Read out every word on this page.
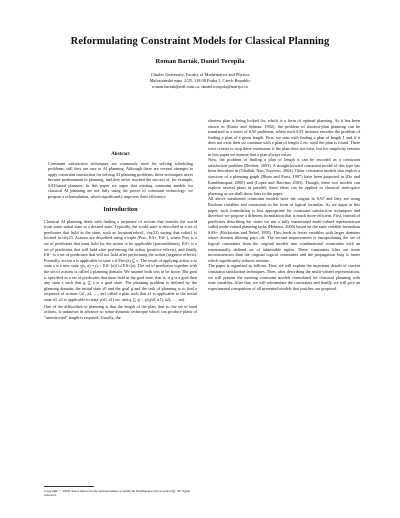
Reformulating Constraint Models for Classical Planning
Roman Barták, Daniel Toropila
Charles University, Faculty of Mathematics and Physics
Malostranské nám. 2/25, 118 00 Praha 1, Czech Republic
roman.bartak@mff.cuni.cz, daniel.toropila@matfyz.cz
Abstract
Constraint satisfaction techniques are commonly used for solving scheduling problems, still they are rare in AI planning. Although there are several attempts to apply constraint satisfaction for solving AI planning problems, these techniques never became predominant in planning; and they never reached the success of, for example, SAT-based planners. In this paper we argue that existing constraint models for classical AI planning are not fully using the power of constraint technology; we propose a reformulation, which significantly improves their efficiency.
Introduction
Classical AI planning deals with finding a sequence of actions that transfer the world from some initial state to a desired state. Typically, the world state is described as a set of predicates that hold in the state, such as location(robot1, city23) saying that robot1 is located in city23. Actions are described using a triple (Prec, Eff+, Eff−), where Prec is a set of predicates that must hold for the action to be applicable (preconditions), Eff+ is a set of predicates that will hold after performing the action (positive effects), and finally Eff− is a set of predicates that will not hold after performing the action (negative effects). Formally, action a is applicable to state s if Prec(a) ⊆ s. The result of applying action a to state s is a new state γ(s, a) = (s − Eff−(a)) ∪ Eff+(a). The set of predicates together with the set of actions is called a planning domain. We assume both sets to be finite. The goal is specified as a set of predicates that must hold in the goal state, that is, if g is a goal then any state s such that g ⊆ s is a goal state. The planning problem is defined by the planning domain, the initial state s0 and the goal g and the task of planning is to find a sequence of actions ⟨a1, a2, …, an⟩ called a plan such that a1 is applicable to the initial state s0, a2 is applicable to state γ(s0, a1) etc. and g ⊆ γ(…γ(γ(s0, a1), a2), …, an).
One of the difficulties of planning is that the length of the plan, that is, the set of used actions, is unknown in advance so some dynamic technique which can produce plans of "unrestricted" length is required. Usually, the
shortest plan is being looked for, which is a form of optimal planning. As it has been shown in (Kautz and Selman, 1992), the problem of shortest-plan planning can be translated to a series of SAT problems, where each SAT instance encodes the problem of finding a plan of a given length. First, we start with finding a plan of length 1 and if it does not exist then we continue with a plan of length 2 etc. until the plan is found. There exist criteria to stop these extensions if the plan does not exist, but for simplicity reasons in this paper we assume that a plan always exists.
Now, the problem of finding a plan of length n can be encoded as a constraint satisfaction problem (Dechter, 2003). A straightforward constraint model of this type has been described in (Ghallab, Nau, Traverso, 2004). Other constraint models that exploit a structure of a planning graph (Blum and Furst, 1997) have been proposed in (Do and Kambhampati, 2000) and (Lopez and Bacchus 2003). Though, these two models can explore several plans in parallel, these ideas can be applied to classical state-space planning as we shall show later in the paper.
All above mentioned constraint models have the origins in SAT and they are using Boolean variables and constraints in the form of logical formulas. As we argue in this paper, such formulation is less appropriate for constraint satisfaction techniques and therefore we propose a different formulation that is much more efficient. First, instead of predicates describing the states we use a fully instantiated multi-valued representation called multi-valued planning tasks (Helmert, 2006) based on the state variable formalism SAS+ (Bäckström and Nebel, 1995). This leads to fewer variables with larger domains where domain filtering pays off. The second improvement is encapsulating the set of logical constraints from the original models into combinatorial constraints with an extensionally defined set of admissible tuples. These constraints filter out more inconsistencies than the original logical constraints and the propagation loop is faster which significantly reduces runtime.
The paper is organized as follows. First, we will explain the important details of current constraint satisfaction techniques. Then, after describing the multi-valued representation, we will present the existing constraint models formulated for classical planning with state variables. After that, we will reformulate the constraints and finally, we will give an experimental comparison of all presented models that justifies our proposal.
Copyright © 2008, Association for the Advancement of Artificial Intelligence (www.aaai.org). All rights reserved.
